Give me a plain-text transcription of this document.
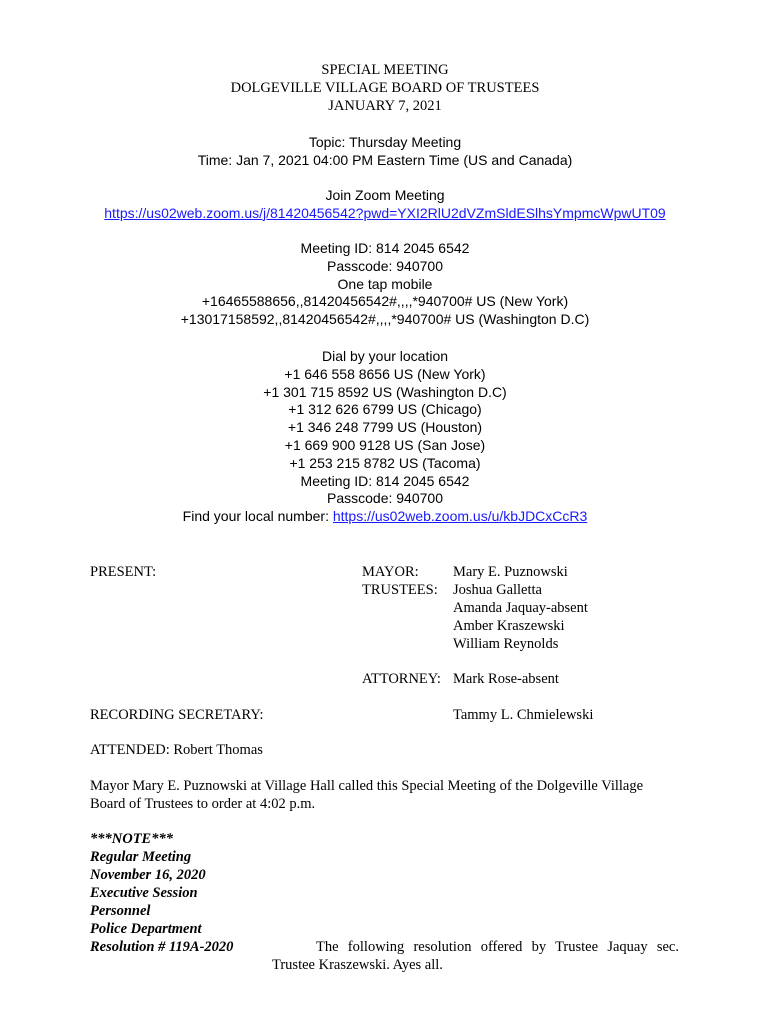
SPECIAL MEETING
DOLGEVILLE VILLAGE BOARD OF TRUSTEES
JANUARY 7, 2021
Topic: Thursday Meeting
Time: Jan 7, 2021 04:00 PM Eastern Time (US and Canada)
Join Zoom Meeting
https://us02web.zoom.us/j/81420456542?pwd=YXI2RlU2dVZmSldESlhsYmpmcWpwUT09
Meeting ID: 814 2045 6542
Passcode: 940700
One tap mobile
+16465588656,,81420456542#,,,,*940700# US (New York)
+13017158592,,81420456542#,,,,*940700# US (Washington D.C)
Dial by your location
+1 646 558 8656 US (New York)
+1 301 715 8592 US (Washington D.C)
+1 312 626 6799 US (Chicago)
+1 346 248 7799 US (Houston)
+1 669 900 9128 US (San Jose)
+1 253 215 8782 US (Tacoma)
Meeting ID: 814 2045 6542
Passcode: 940700
Find your local number: https://us02web.zoom.us/u/kbJDCxCcR3
PRESENT:	MAYOR: Mary E. Puznowski
TRUSTEES: Joshua Galletta
Amanda Jaquay-absent
Amber Kraszewski
William Reynolds
ATTORNEY: Mark Rose-absent
RECORDING SECRETARY:	Tammy L. Chmielewski
ATTENDED: Robert Thomas
Mayor Mary E. Puznowski at Village Hall called this Special Meeting of the Dolgeville Village
Board of Trustees to order at 4:02 p.m.
***NOTE***
Regular Meeting
November 16, 2020
Executive Session
Personnel
Police Department
Resolution # 119A-2020	The following resolution offered by Trustee Jaquay sec.
Trustee Kraszewski. Ayes all.
